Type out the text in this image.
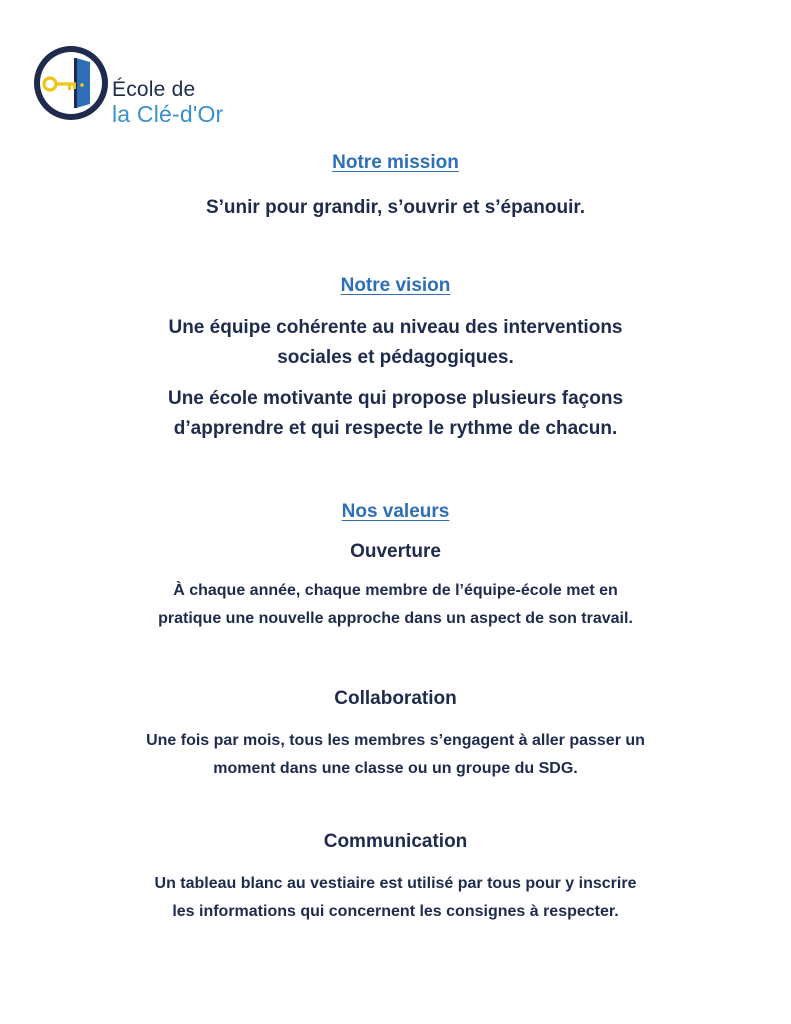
École de
la Clé-d'Or
Notre mission
S’unir pour grandir, s’ouvrir et s’épanouir.
Notre vision
Une équipe cohérente au niveau des interventions
sociales et pédagogiques.
Une école motivante qui propose plusieurs façons
d’apprendre et qui respecte le rythme de chacun.
Nos valeurs
Ouverture
À chaque année, chaque membre de l’équipe-école met en
pratique une nouvelle approche dans un aspect de son travail.
Collaboration
Une fois par mois, tous les membres s’engagent à aller passer un
moment dans une classe ou un groupe du SDG.
Communication
Un tableau blanc au vestiaire est utilisé par tous pour y inscrire
les informations qui concernent les consignes à respecter.
